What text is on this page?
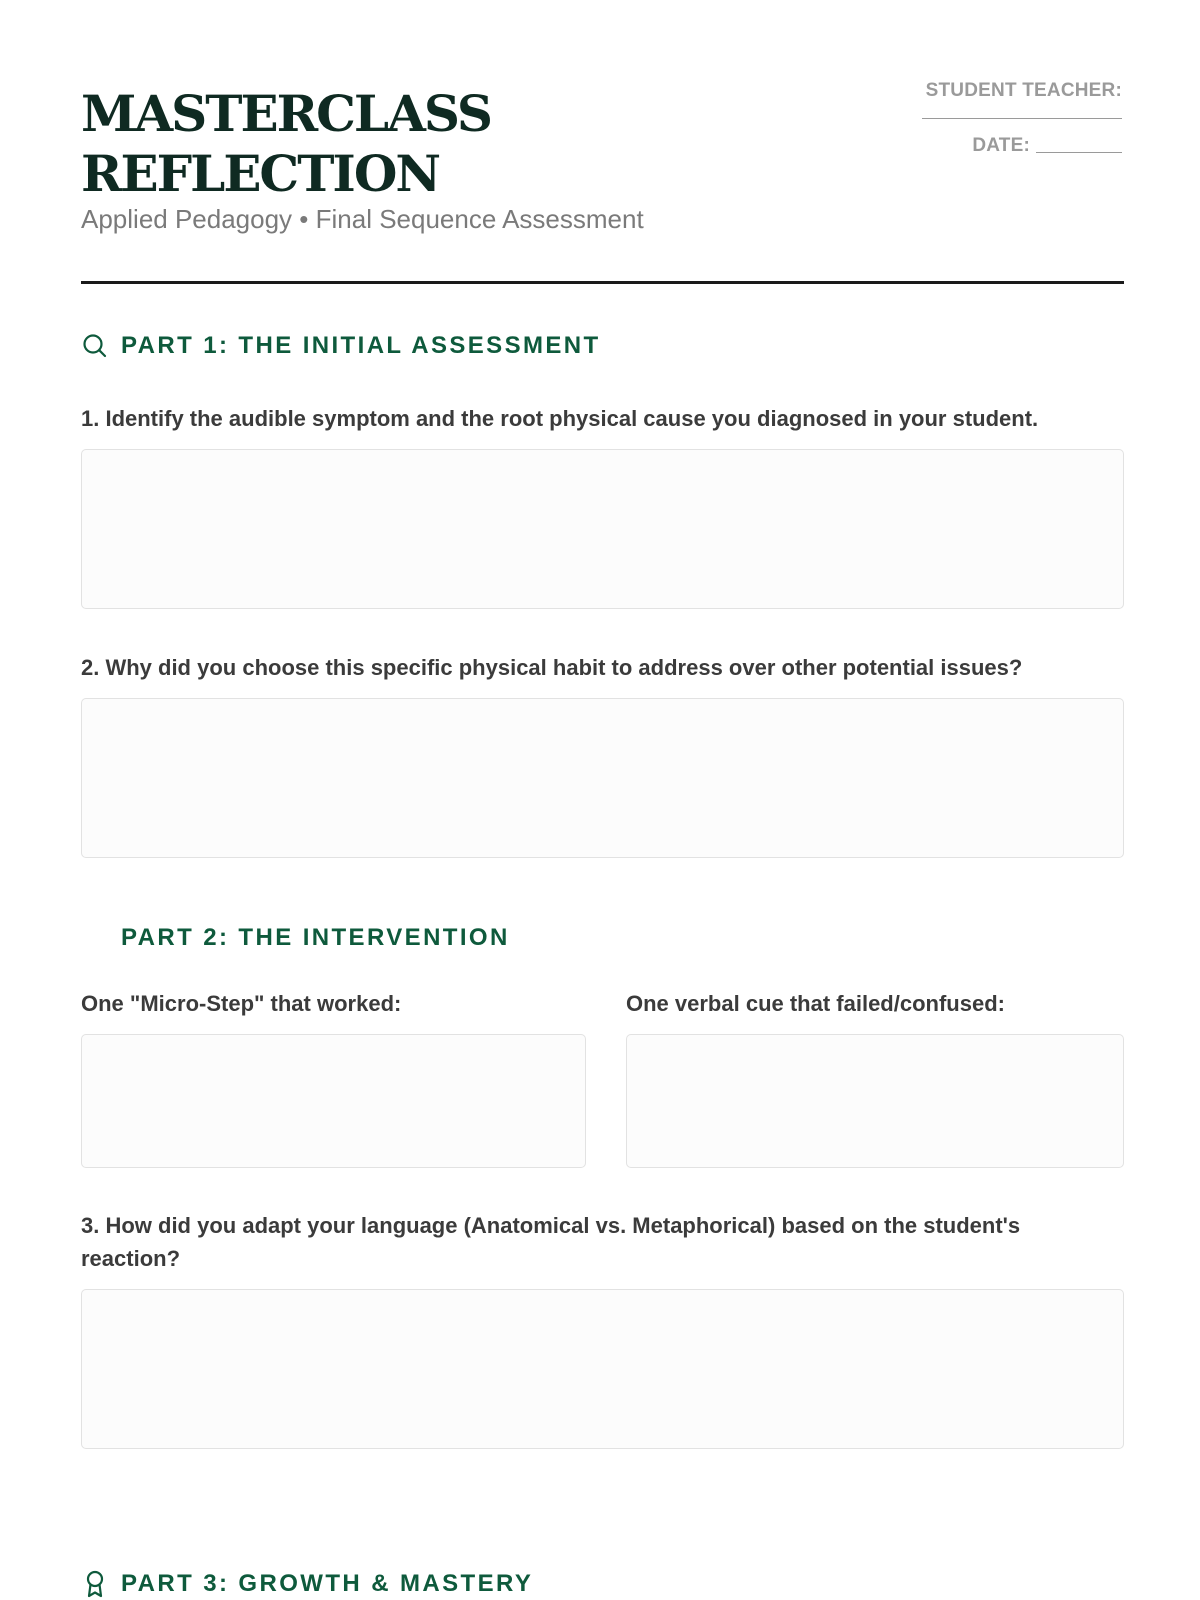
MASTERCLASS
REFLECTION
Applied Pedagogy • Final Sequence Assessment
STUDENT TEACHER:
DATE:
PART 1: THE INITIAL ASSESSMENT
1. Identify the audible symptom and the root physical cause you diagnosed in your student.
2. Why did you choose this specific physical habit to address over other potential issues?
PART 2: THE INTERVENTION
One "Micro-Step" that worked:	One verbal cue that failed/confused:
3. How did you adapt your language (Anatomical vs. Metaphorical) based on the student's reaction?
PART 3: GROWTH & MASTERY
